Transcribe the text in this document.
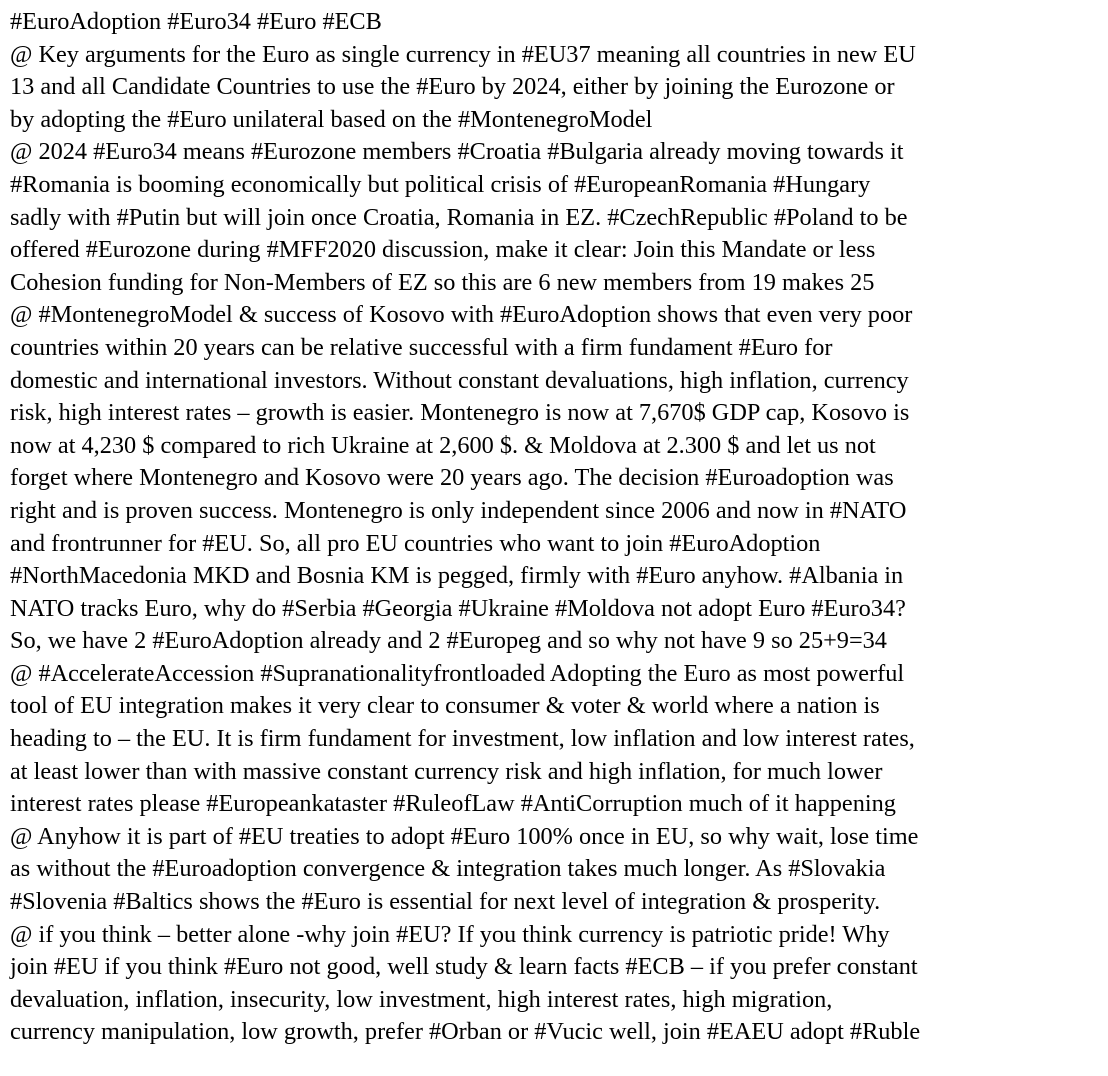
#EuroAdoption #Euro34 #Euro #ECB
@ Key arguments for the Euro as single currency in #EU37 meaning all countries in new EU
13 and all Candidate Countries to use the #Euro by 2024, either by joining the Eurozone or
by adopting the #Euro unilateral based on the #MontenegroModel
@ 2024 #Euro34 means #Eurozone members #Croatia #Bulgaria already moving towards it
#Romania is booming economically but political crisis of #EuropeanRomania #Hungary
sadly with #Putin but will join once Croatia, Romania in EZ. #CzechRepublic #Poland to be
offered #Eurozone during #MFF2020 discussion, make it clear: Join this Mandate or less
Cohesion funding for Non-Members of EZ so this are 6 new members from 19 makes 25
@ #MontenegroModel & success of Kosovo with #EuroAdoption shows that even very poor
countries within 20 years can be relative successful with a firm fundament #Euro for
domestic and international investors. Without constant devaluations, high inflation, currency
risk, high interest rates – growth is easier. Montenegro is now at 7,670$ GDP cap, Kosovo is
now at 4,230 $ compared to rich Ukraine at 2,600 $. & Moldova at 2.300 $ and let us not
forget where Montenegro and Kosovo were 20 years ago. The decision #Euroadoption was
right and is proven success. Montenegro is only independent since 2006 and now in #NATO
and frontrunner for #EU. So, all pro EU countries who want to join #EuroAdoption
#NorthMacedonia MKD and Bosnia KM is pegged, firmly with #Euro anyhow. #Albania in
NATO tracks Euro, why do #Serbia #Georgia #Ukraine #Moldova not adopt Euro #Euro34?
So, we have 2 #EuroAdoption already and 2 #Europeg and so why not have 9 so 25+9=34
@ #AccelerateAccession #Supranationalityfrontloaded Adopting the Euro as most powerful
tool of EU integration makes it very clear to consumer & voter & world where a nation is
heading to – the EU. It is firm fundament for investment, low inflation and low interest rates,
at least lower than with massive constant currency risk and high inflation, for much lower
interest rates please #Europeankataster #RuleofLaw #AntiCorruption much of it happening
@ Anyhow it is part of #EU treaties to adopt #Euro 100% once in EU, so why wait, lose time
as without the #Euroadoption convergence & integration takes much longer. As #Slovakia
#Slovenia #Baltics shows the #Euro is essential for next level of integration & prosperity.
@ if you think – better alone -why join #EU? If you think currency is patriotic pride! Why
join #EU if you think #Euro not good, well study & learn facts #ECB – if you prefer constant
devaluation, inflation, insecurity, low investment, high interest rates, high migration,
currency manipulation, low growth, prefer #Orban or #Vucic well, join #EAEU adopt #Ruble
